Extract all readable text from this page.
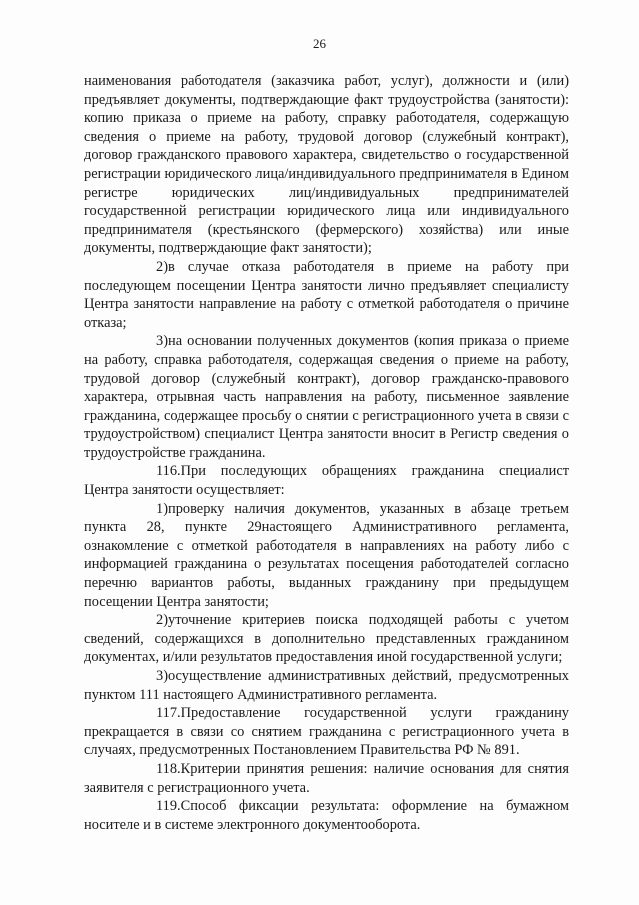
26

наименования работодателя (заказчика работ, услуг), должности и (или) предъявляет документы, подтверждающие факт трудоустройства (занятости): копию приказа о приеме на работу, справку работодателя, содержащую сведения о приеме на работу, трудовой договор (служебный контракт), договор гражданского правового характера, свидетельство о государственной регистрации юридического лица/индивидуального предпринимателя в Едином регистре юридических лиц/индивидуальных предпринимателей государственной регистрации юридического лица или индивидуального предпринимателя (крестьянского (фермерского) хозяйства) или иные документы, подтверждающие факт занятости);

2)в случае отказа работодателя в приеме на работу при последующем посещении Центра занятости лично предъявляет специалисту Центра занятости направление на работу с отметкой работодателя о причине отказа;

3)на основании полученных документов (копия приказа о приеме на работу, справка работодателя, содержащая сведения о приеме на работу, трудовой договор (служебный контракт), договор гражданско-правового характера, отрывная часть направления на работу, письменное заявление гражданина, содержащее просьбу о снятии с регистрационного учета в связи с трудоустройством) специалист Центра занятости вносит в Регистр сведения о трудоустройстве гражданина.

116.При последующих обращениях гражданина специалист Центра занятости осуществляет:

1)проверку наличия документов, указанных в абзаце третьем пункта 28, пункте 29настоящего Административного регламента, ознакомление с отметкой работодателя в направлениях на работу либо с информацией гражданина о результатах посещения работодателей согласно перечню вариантов работы, выданных гражданину при предыдущем посещении Центра занятости;

2)уточнение критериев поиска подходящей работы с учетом сведений, содержащихся в дополнительно представленных гражданином документах, и/или результатов предоставления иной государственной услуги;

3)осуществление административных действий, предусмотренных пунктом 111 настоящего Административного регламента.

117.Предоставление государственной услуги гражданину прекращается в связи со снятием гражданина с регистрационного учета в случаях, предусмотренных Постановлением Правительства РФ № 891.

118.Критерии принятия решения: наличие основания для снятия заявителя с регистрационного учета.

119.Способ фиксации результата: оформление на бумажном носителе и в системе электронного документооборота.
